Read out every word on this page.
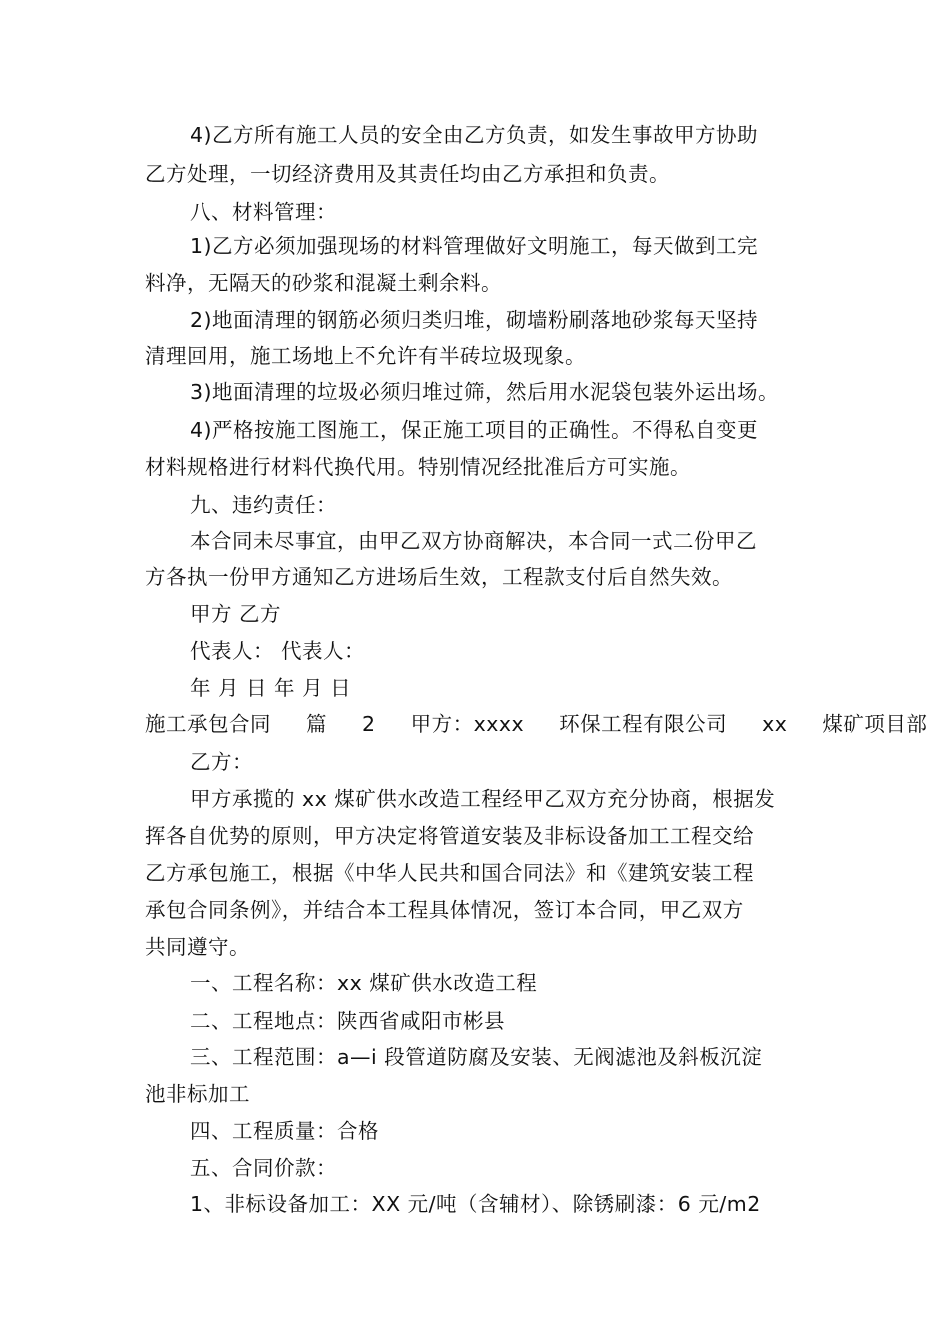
4)乙方所有施工人员的安全由乙方负责，如发生事故甲方协助
乙方处理，一切经济费用及其责任均由乙方承担和负责。
八、材料管理：
1)乙方必须加强现场的材料管理做好文明施工，每天做到工完
料净，无隔天的砂浆和混凝土剩余料。
2)地面清理的钢筋必须归类归堆，砌墙粉刷落地砂浆每天坚持
清理回用，施工场地上不允许有半砖垃圾现象。
3)地面清理的垃圾必须归堆过筛，然后用水泥袋包装外运出场。
4)严格按施工图施工，保正施工项目的正确性。不得私自变更
材料规格进行材料代换代用。特别情况经批准后方可实施。
九、违约责任：
本合同未尽事宜，由甲乙双方协商解决，本合同一式二份甲乙
方各执一份甲方通知乙方进场后生效，工程款支付后自然失效。
甲方 乙方
代表人： 代表人：
年 月 日 年 月 日
施工承包合同 篇 2 甲方：xxxx 环保工程有限公司 xx 煤矿项目部
乙方：
甲方承揽的 xx 煤矿供水改造工程经甲乙双方充分协商，根据发
挥各自优势的原则，甲方决定将管道安装及非标设备加工工程交给
乙方承包施工，根据《中华人民共和国合同法》和《建筑安装工程
承包合同条例》，并结合本工程具体情况，签订本合同，甲乙双方
共同遵守。
一、工程名称：xx 煤矿供水改造工程
二、工程地点：陕西省咸阳市彬县
三、工程范围：a—i 段管道防腐及安装、无阀滤池及斜板沉淀
池非标加工
四、工程质量：合格
五、合同价款：
1、非标设备加工：XX 元/吨（含辅材）、除锈刷漆：6 元/m2
